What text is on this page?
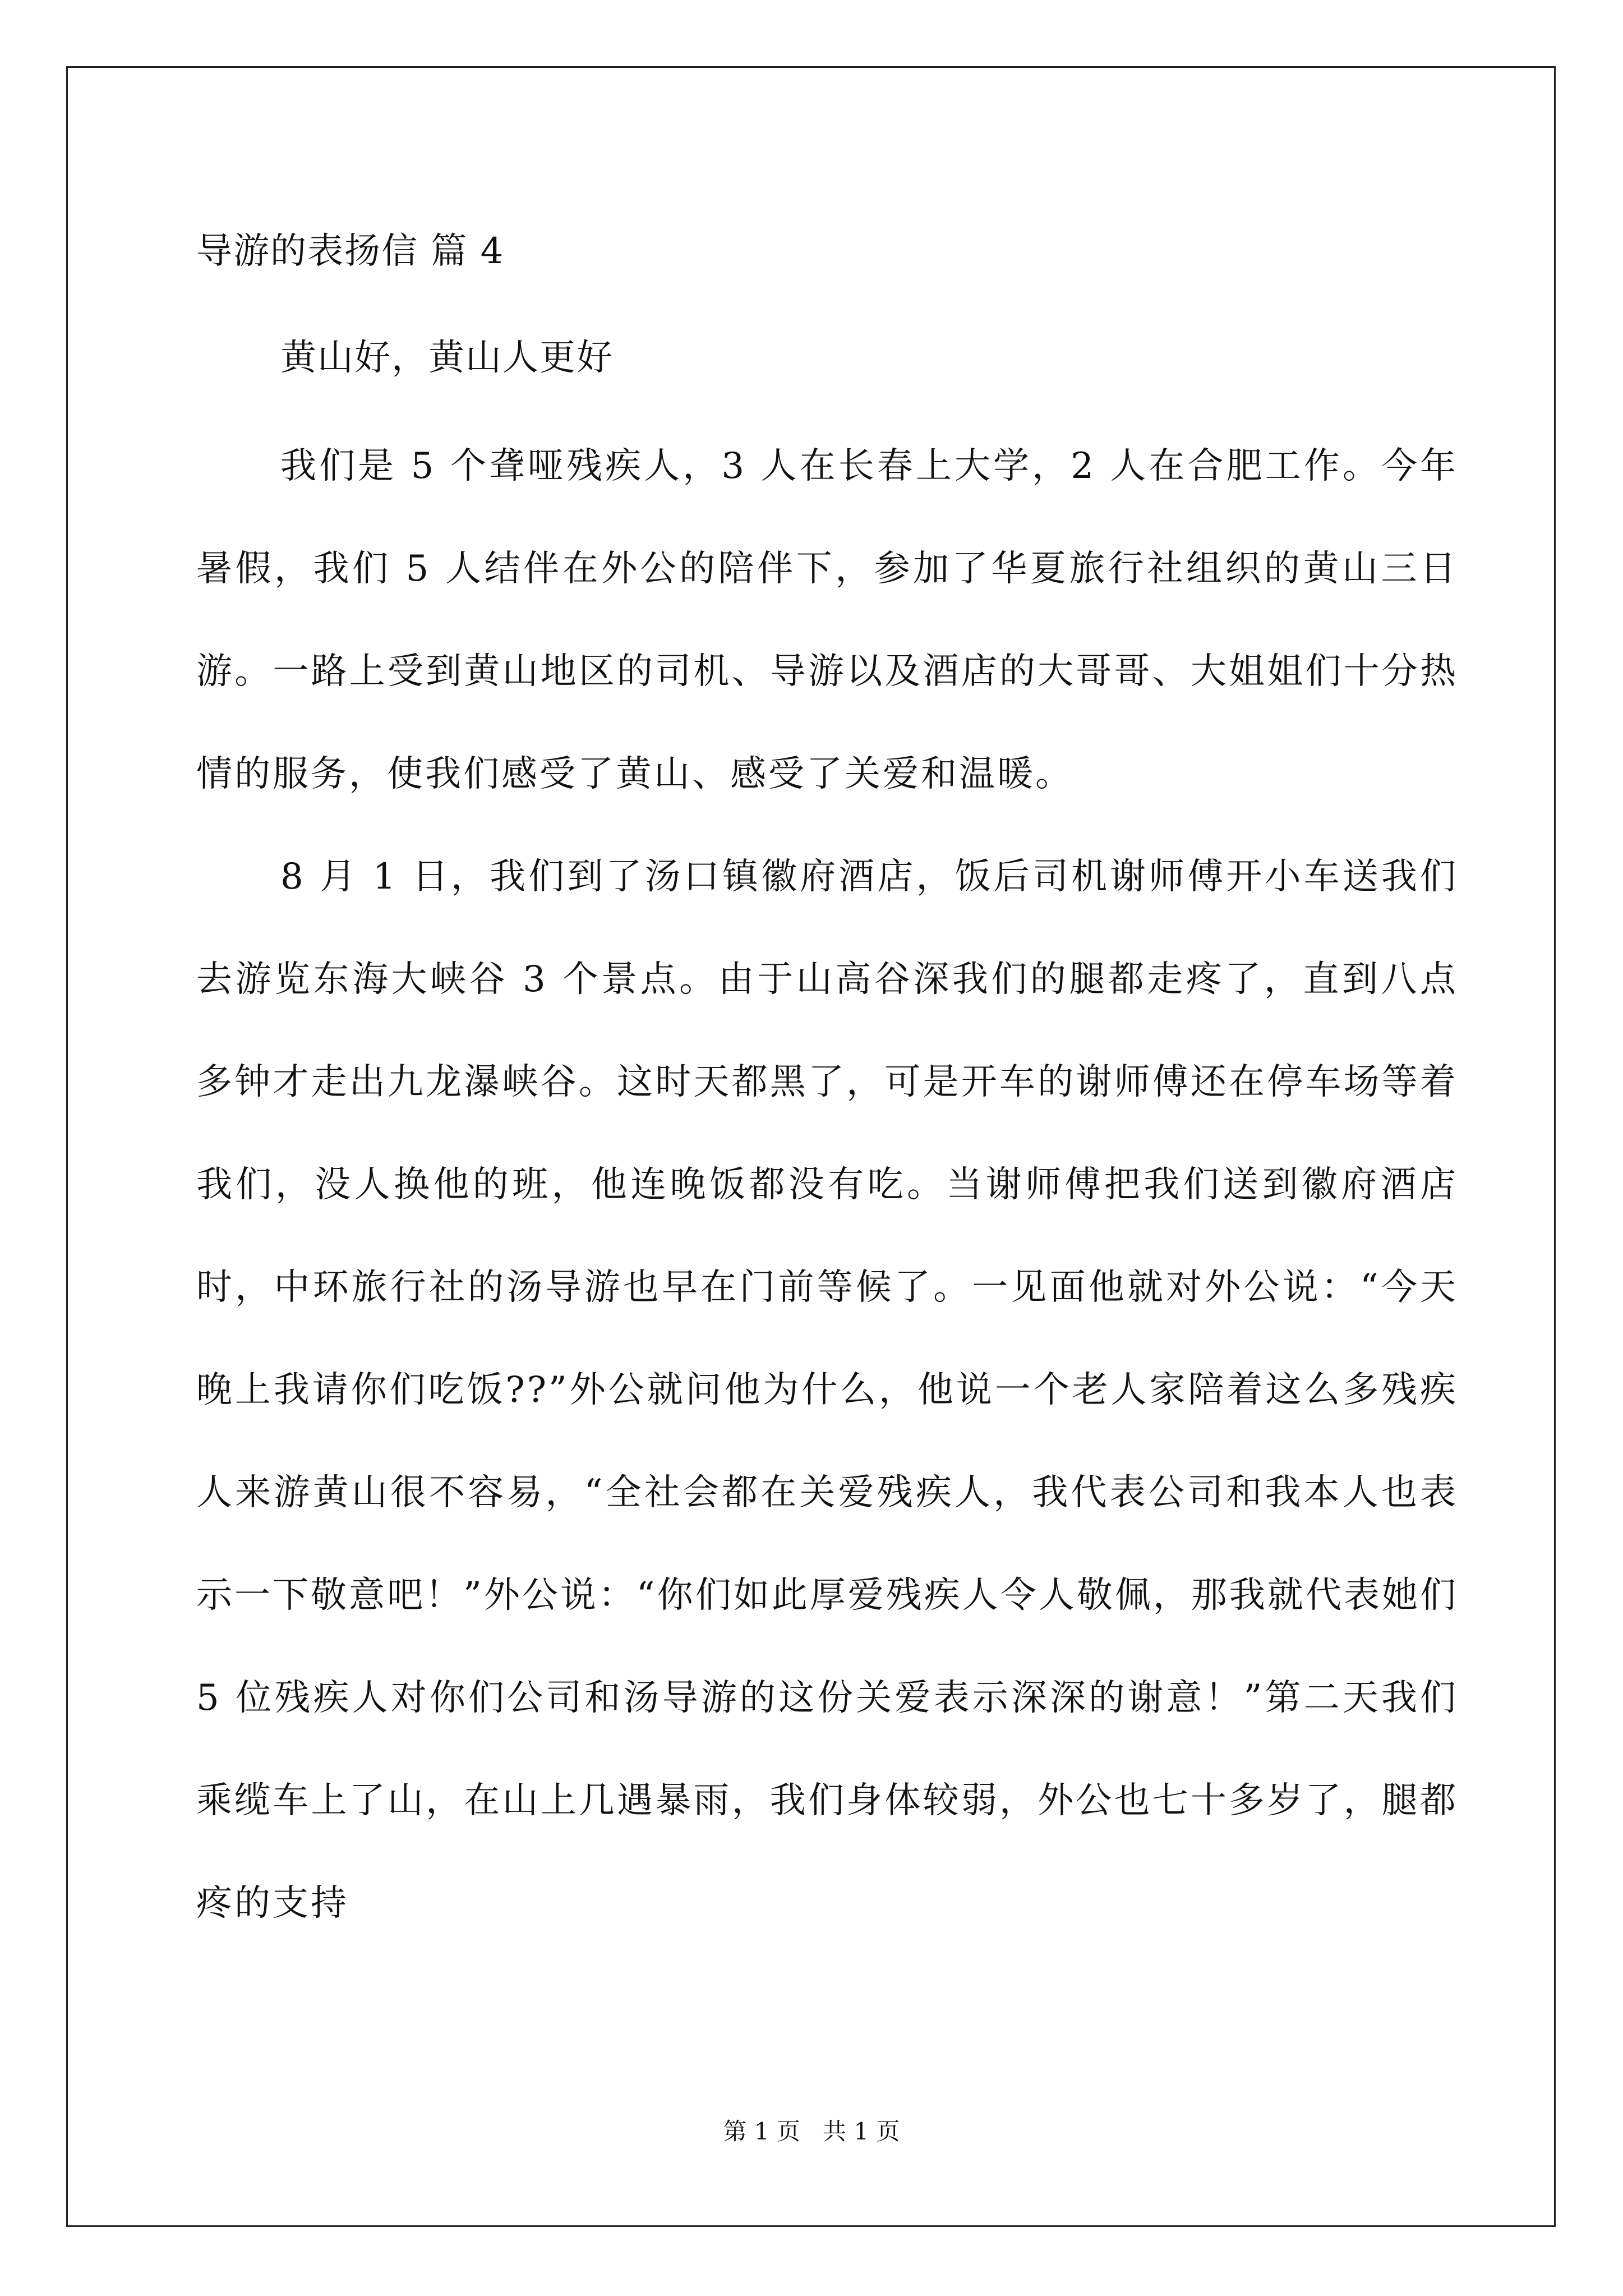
导游的表扬信 篇 4
黄山好，黄山人更好

我们是 5 个聋哑残疾人，3 人在长春上大学，2 人在合肥工作。今年暑假，我们 5 人结伴在外公的陪伴下，参加了华夏旅行社组织的黄山三日游。一路上受到黄山地区的司机、导游以及酒店的大哥哥、大姐姐们十分热情的服务，使我们感受了黄山、感受了关爱和温暖。

8 月 1 日，我们到了汤口镇徽府酒店，饭后司机谢师傅开小车送我们去游览东海大峡谷 3 个景点。由于山高谷深我们的腿都走疼了，直到八点多钟才走出九龙瀑峡谷。这时天都黑了，可是开车的谢师傅还在停车场等着我们，没人换他的班，他连晚饭都没有吃。当谢师傅把我们送到徽府酒店时，中环旅行社的汤导游也早在门前等候了。一见面他就对外公说：“今天晚上我请你们吃饭??”外公就问他为什么，他说一个老人家陪着这么多残疾人来游黄山很不容易，“全社会都在关爱残疾人，我代表公司和我本人也表示一下敬意吧！”外公说：“你们如此厚爱残疾人令人敬佩，那我就代表她们 5 位残疾人对你们公司和汤导游的这份关爱表示深深的谢意！”第二天我们乘缆车上了山，在山上几遇暴雨，我们身体较弱，外公也七十多岁了，腿都疼的支持

第 1 页   共 1 页
